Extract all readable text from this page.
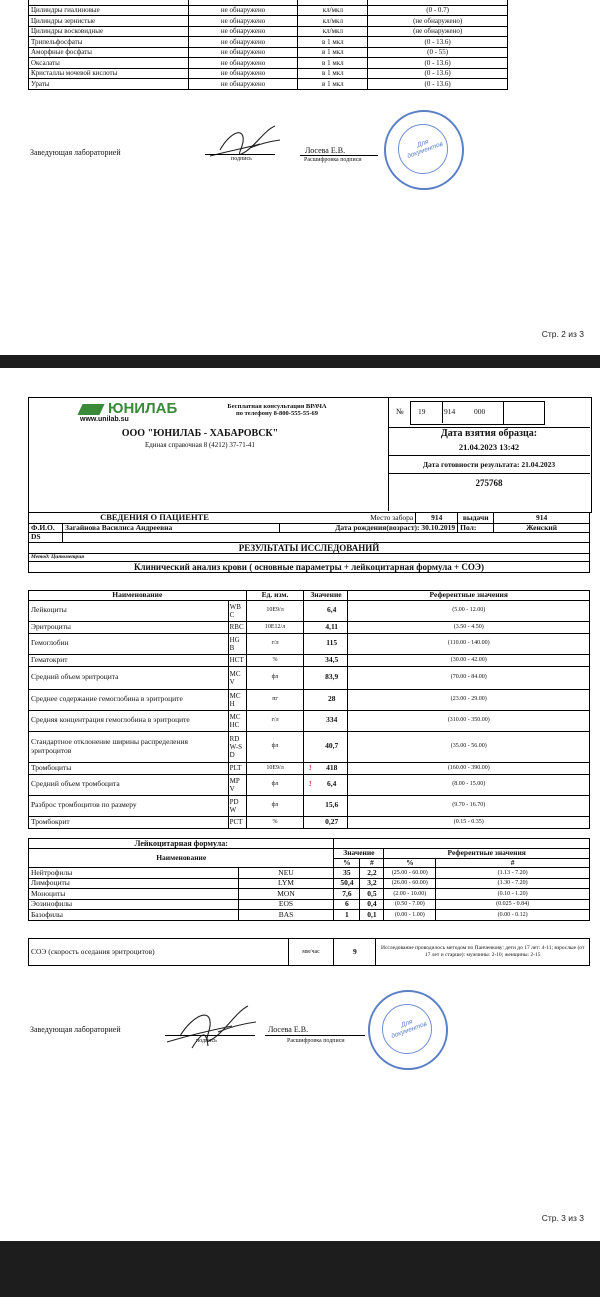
Цилиндры гиалиновые	не обнаружено	кл/мкл	(0 - 0.7)
Цилиндры зернистые	не обнаружено	кл/мкл	(не обнаружено)
Цилиндры восковидные	не обнаружено	кл/мкл	(не обнаружено)
Трипельфосфаты	не обнаружено	в 1 мкл	(0 - 13.6)
Аморфные фосфаты	не обнаружено	в 1 мкл	(0 - 55)
Оксалаты	не обнаружено	в 1 мкл	(0 - 13.6)
Кристаллы мочевой кислоты	не обнаружено	в 1 мкл	(0 - 13.6)
Ураты	не обнаружено	в 1 мкл	(0 - 13.6)
Заведующая лабораторией
подпись
Лосева Е.В.
Расшифровка подписи
Для документов
Стр. 2 из 3
ЮНИЛАБ
www.unilab.su
Бесплатная консультация ВРАЧА
по телефону 8-800-555-55-69
ООО "ЮНИЛАБ - ХАБАРОВСК"
Единая справочная 8 (4212) 37-71-41
№ 19 914	000
Дата взятия образца:
21.04.2023 13:42
Дата готовности результата: 21.04.2023
275768
СВЕДЕНИЯ О ПАЦИЕНТЕ		Место забора	914	выдачи	914
Ф.И.О.	Загайнова Василиса Андреевна	Дата рождения(возраст): 30.10.2019		Пол:	Женский
DS					
РЕЗУЛЬТАТЫ ИССЛЕДОВАНИЙ					
Метод: Цитометрия					
Клинический анализ крови ( основные параметры + лейкоцитарная формула + СОЭ)					
Наименование		Ед. изм.	Значение		Референтные значения
Лейкоциты	WB C	10E9/л		6,4	(5.00 - 12.00)
Эритроциты	RBC	10E12/л		4,11	(3.50 - 4.50)
Гемоглобин	HG B	г/л		115	(110.00 - 140.00)
Гематокрит	HCT	%		34,5	(30.00 - 42.00)
Средний объем эритроцита	MC V	фл		83,9	(70.00 - 84.00)
Среднее содержание гемоглобина в эритроците	MC H	пг		28	(23.00 - 29.00)
Средняя концентрация гемоглобина в эритроците	MC HC	г/л		334	(310.00 - 350.00)
Стандартное отклонение ширины распределения эритроцитов	RD W-S D	фл		40,7	(35.00 - 56.00)
Тромбоциты	PLT	10E9/л	!	418	(160.00 - 390.00)
Средний объем тромбоцита	MP V	фл	!	6,4	(8.00 - 15.00)
Разброс тромбоцитов по размеру	PD W	фл		15,6	(9.70 - 16.70)
Тромбокрит	PCT	%		0,27	(0.15 - 0.35)
Лейкоцитарная формула:					
Наименование		Значение		Референтные значения	
		%	#	%	#
Нейтрофилы	NEU	35	2,2	(25.00 - 60.00)	(1.13 - 7.20)
Лимфоциты	LYM	50,4	3,2	(26.00 - 60.00)	(1.30 - 7.20)
Моноциты	MON	7,6	0,5	(2.00 - 10.00)	(0.10 - 1.20)
Эозинофилы	EOS	6	0,4	(0.50 - 7.00)	(0.025 - 0.84)
Базофилы	BAS	1	0,1	(0.00 - 1.00)	(0.00 - 0.12)
СОЭ (скорость оседания эритроцитов)	мм/час	9	Исследование проводилось методом по Панченкову: дети до 17 лет: 4-11; взрослые (от 17 лет и старше): мужчины: 2-10; женщины: 2-15
Заведующая лабораторией
подпись
Лосева Е.В.
Расшифровка подписи
Для документов
Стр. 3 из 3
